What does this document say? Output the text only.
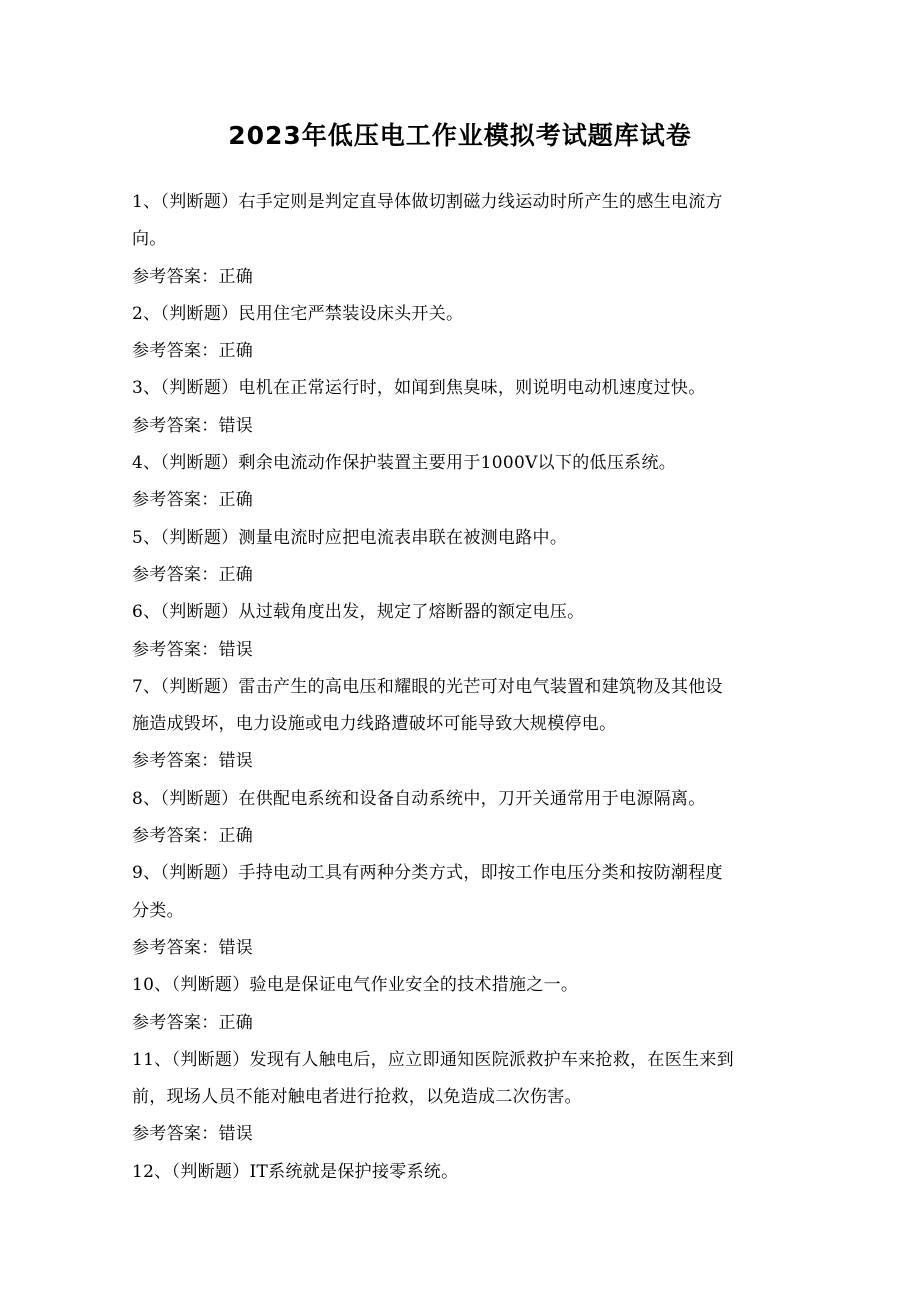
2023年低压电工作业模拟考试题库试卷

1、（判断题）右手定则是判定直导体做切割磁力线运动时所产生的感生电流方

向。

参考答案：正确

2、（判断题）民用住宅严禁装设床头开关。

参考答案：正确

3、（判断题）电机在正常运行时，如闻到焦臭味，则说明电动机速度过快。

参考答案：错误

4、（判断题）剩余电流动作保护装置主要用于1000V以下的低压系统。

参考答案：正确

5、（判断题）测量电流时应把电流表串联在被测电路中。

参考答案：正确

6、（判断题）从过载角度出发，规定了熔断器的额定电压。

参考答案：错误

7、（判断题）雷击产生的高电压和耀眼的光芒可对电气装置和建筑物及其他设

施造成毁坏，电力设施或电力线路遭破坏可能导致大规模停电。

参考答案：错误

8、（判断题）在供配电系统和设备自动系统中，刀开关通常用于电源隔离。

参考答案：正确

9、（判断题）手持电动工具有两种分类方式，即按工作电压分类和按防潮程度

分类。

参考答案：错误

10、（判断题）验电是保证电气作业安全的技术措施之一。

参考答案：正确

11、（判断题）发现有人触电后，应立即通知医院派救护车来抢救，在医生来到

前，现场人员不能对触电者进行抢救，以免造成二次伤害。

参考答案：错误

12、（判断题）IT系统就是保护接零系统。
